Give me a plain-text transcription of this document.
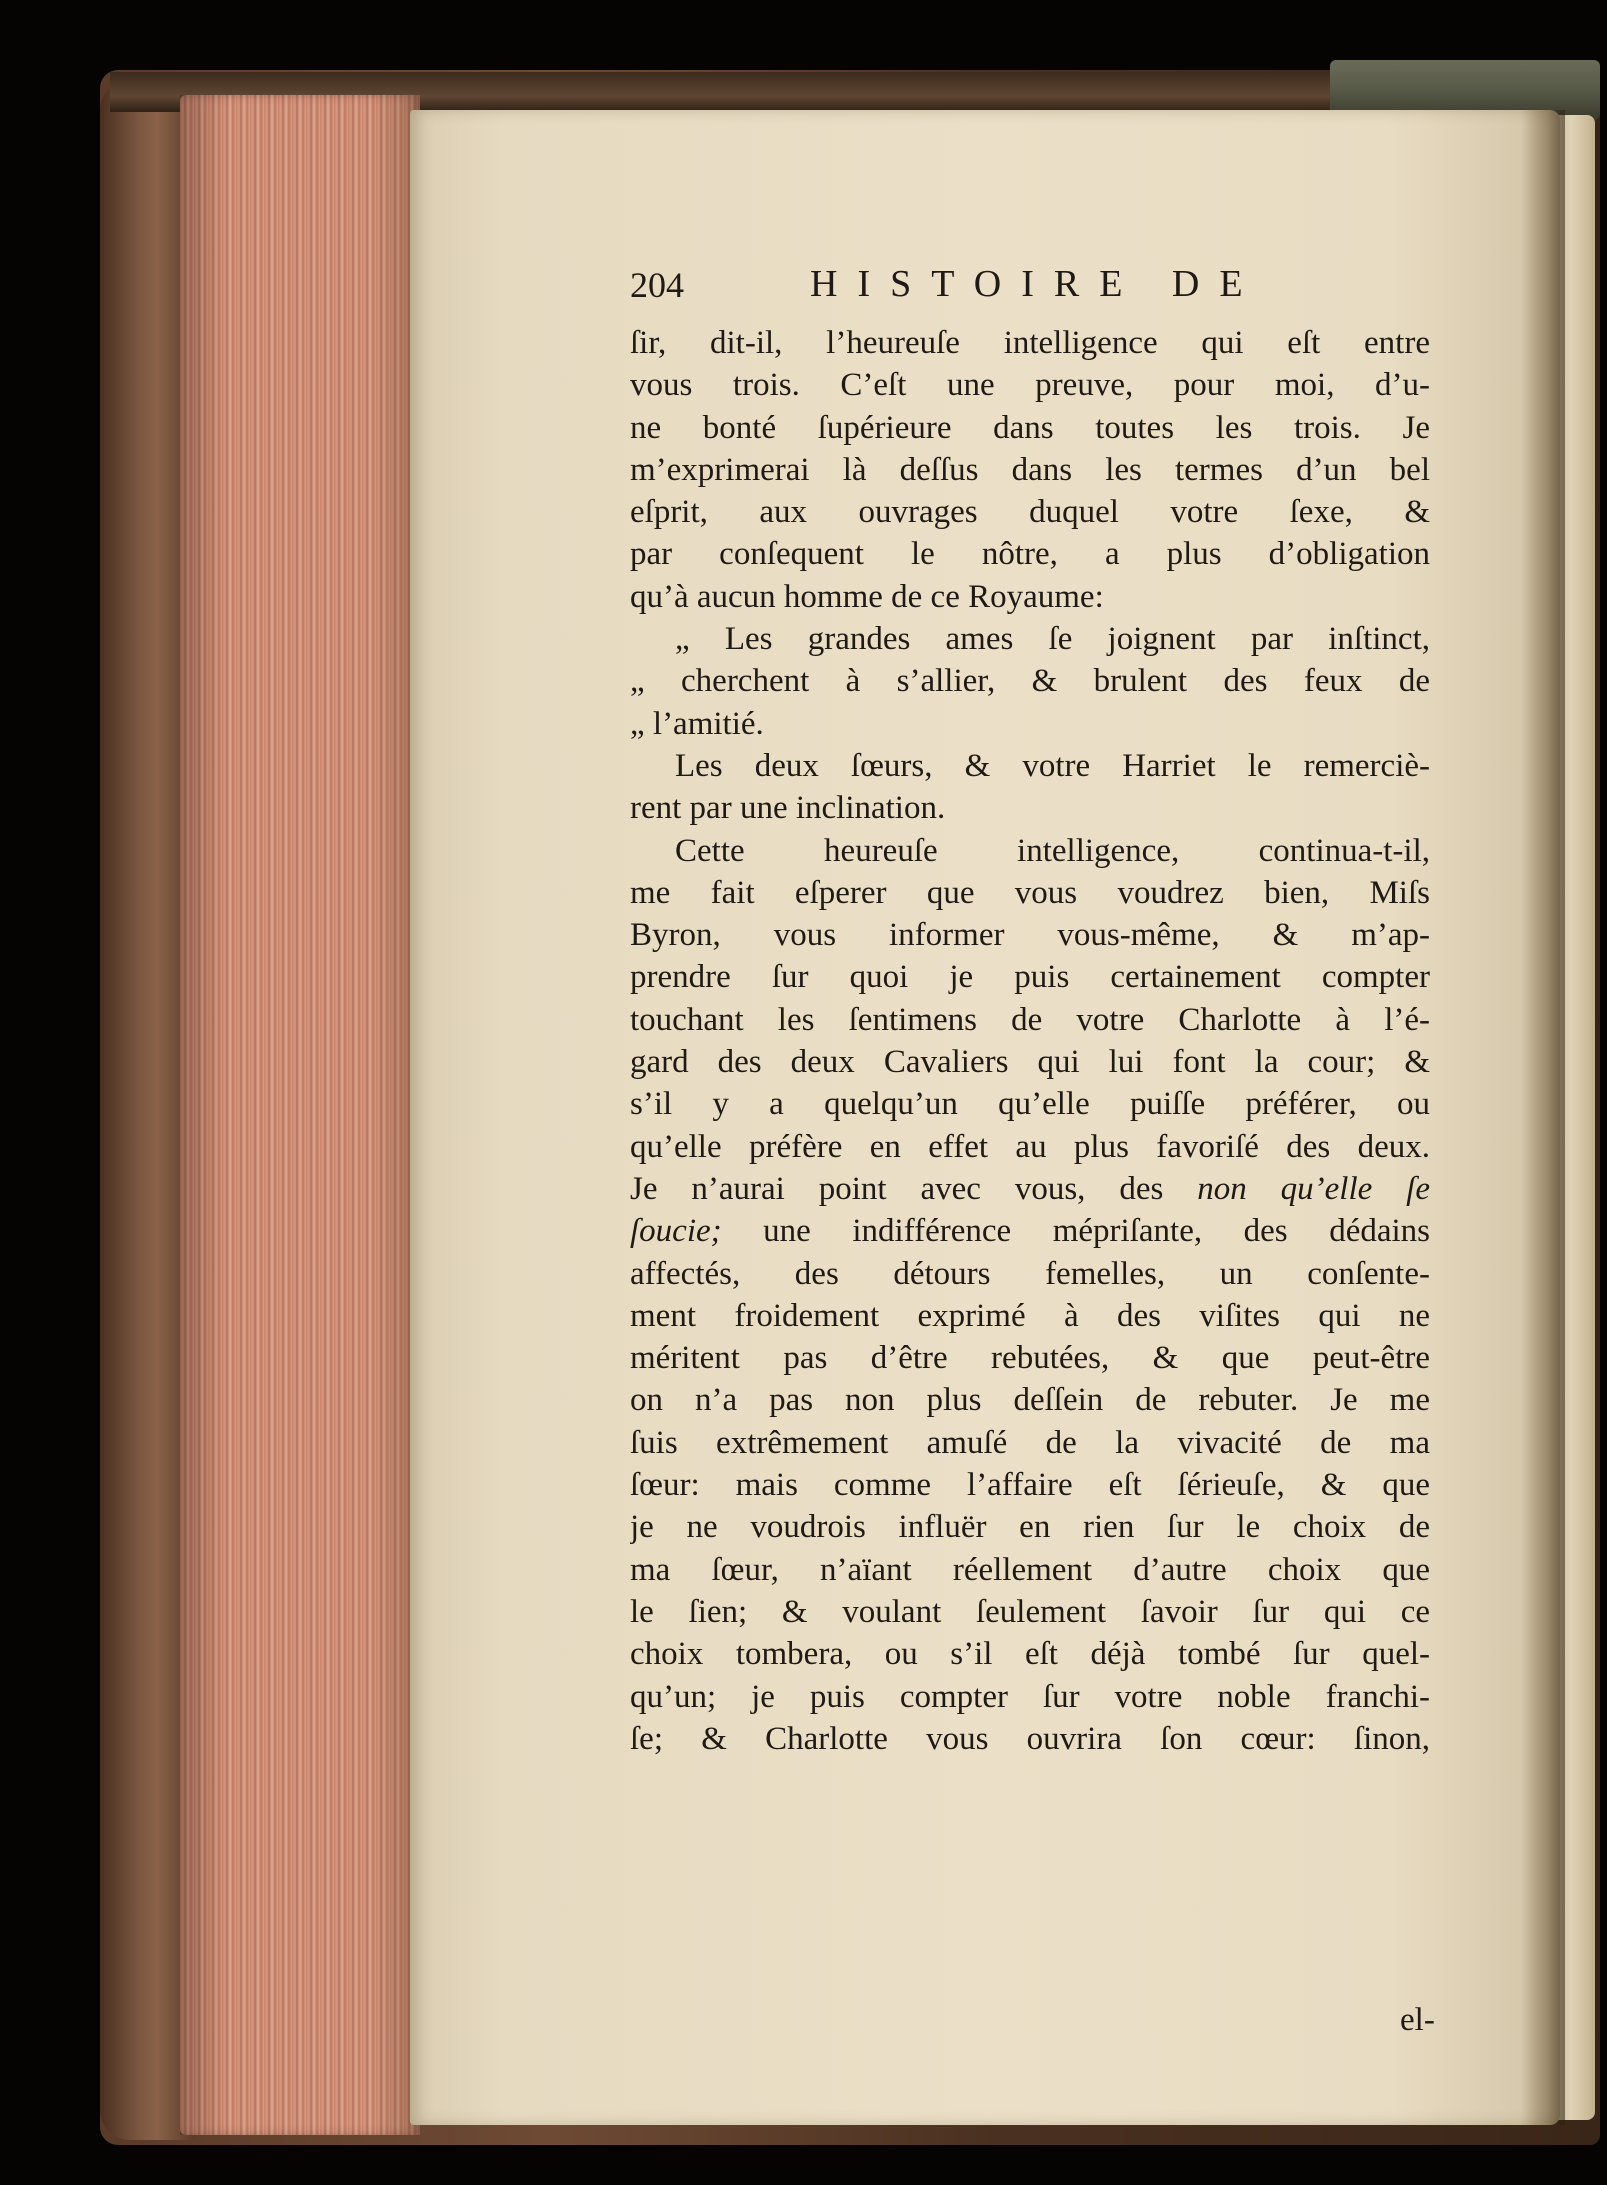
204	HISTOIRE DE
ſir, dit-il, l’heureuſe intelligence qui eſt entre
vous trois. C’eſt une preuve, pour moi, d’u-
ne bonté ſupérieure dans toutes les trois. Je
m’exprimerai là deſſus dans les termes d’un bel
eſprit, aux ouvrages duquel votre ſexe, &
par conſequent le nôtre, a plus d’obligation
qu’à aucun homme de ce Royaume:
„ Les grandes ames ſe joignent par inſtinct,
„ cherchent à s’allier, & brulent des feux de
„ l’amitié.
Les deux ſœurs, & votre Harriet le remerciè-
rent par une inclination.
Cette heureuſe intelligence, continua-t-il,
me fait eſperer que vous voudrez bien, Miſs
Byron, vous informer vous-même, & m’ap-
prendre ſur quoi je puis certainement compter
touchant les ſentimens de votre Charlotte à l’é-
gard des deux Cavaliers qui lui font la cour; &
s’il y a quelqu’un qu’elle puiſſe préférer, ou
qu’elle préfère en effet au plus favoriſé des deux.
Je n’aurai point avec vous, des non qu’elle ſe
ſoucie; une indifférence mépriſante, des dédains
affectés, des détours femelles, un conſente-
ment froidement exprimé à des viſites qui ne
méritent pas d’être rebutées, & que peut-être
on n’a pas non plus deſſein de rebuter. Je me
ſuis extrêmement amuſé de la vivacité de ma
ſœur: mais comme l’affaire eſt ſérieuſe, & que
je ne voudrois influër en rien ſur le choix de
ma ſœur, n’aïant réellement d’autre choix que
le ſien; & voulant ſeulement ſavoir ſur qui ce
choix tombera, ou s’il eſt déjà tombé ſur quel-
qu’un; je puis compter ſur votre noble franchi-
ſe; & Charlotte vous ouvrira ſon cœur: ſinon,
el-
